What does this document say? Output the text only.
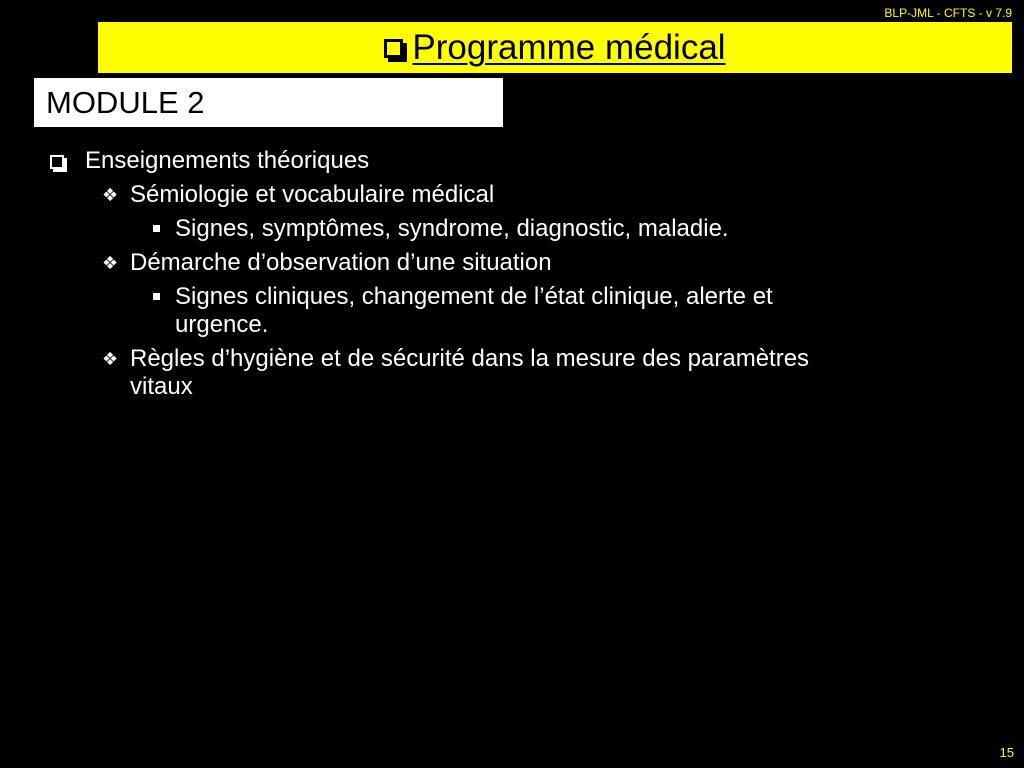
BLP-JML - CFTS - v 7.9
Programme médical
MODULE 2
Enseignements théoriques
❖ Sémiologie et vocabulaire médical
Signes, symptômes, syndrome, diagnostic, maladie.
❖ Démarche d’observation d’une situation
Signes cliniques, changement de l’état clinique, alerte et
urgence.
❖ Règles d’hygiène et de sécurité dans la mesure des paramètres
vitaux
15
